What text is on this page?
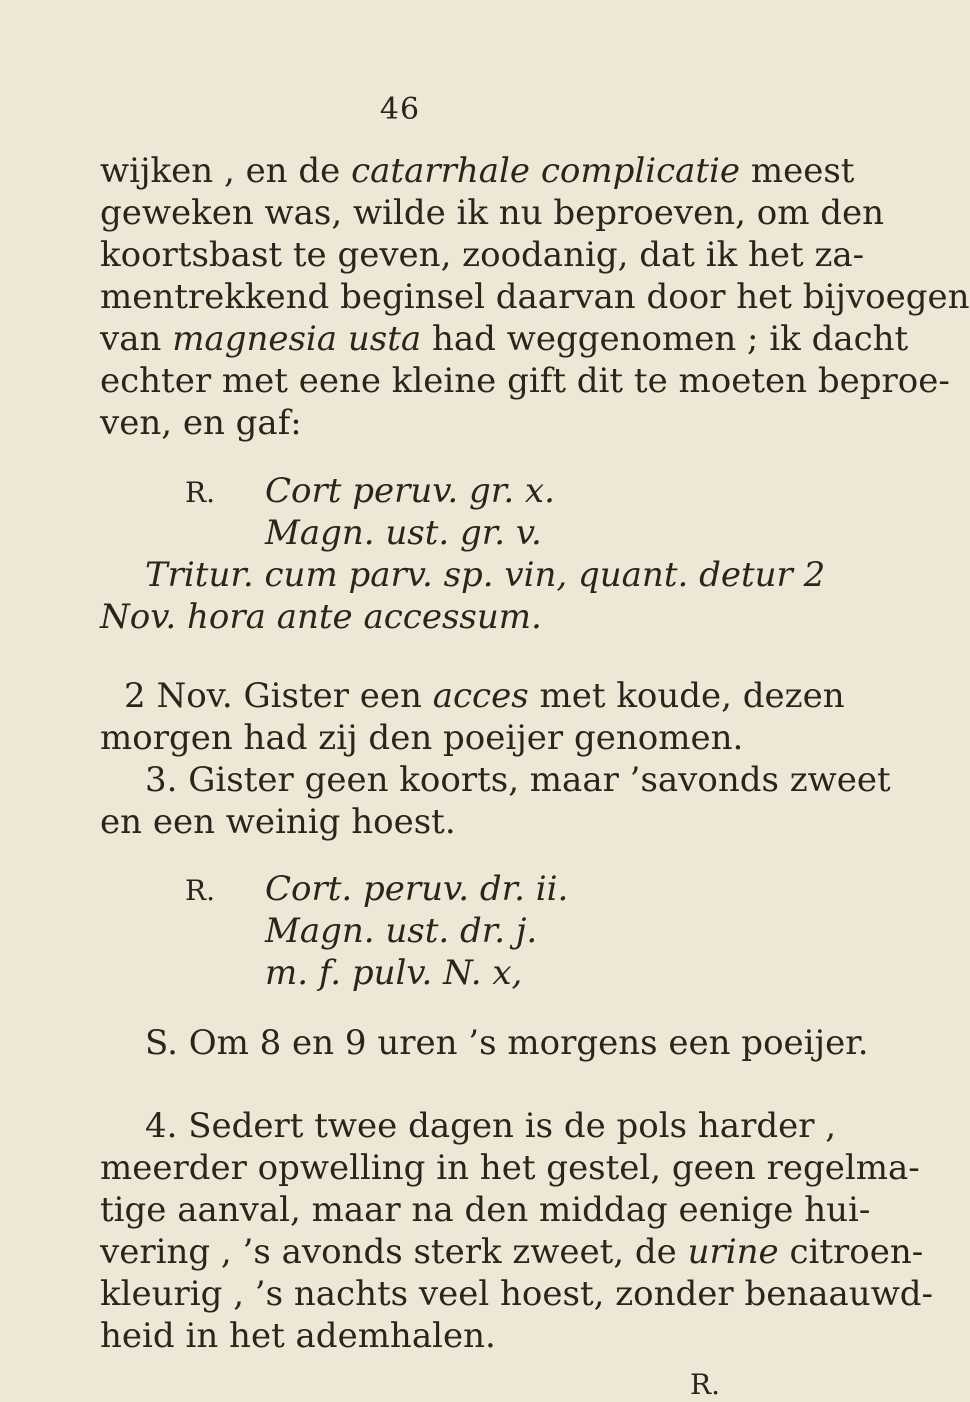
46
wijken , en de catarrhale complicatie meest
geweken was, wilde ik nu beproeven, om den
koortsbast te geven, zoodanig, dat ik het za-
mentrekkend beginsel daarvan door het bijvoegen
van magnesia usta had weggenomen ; ik dacht
echter met eene kleine gift dit te moeten beproe-
ven, en gaf:
R. Cort peruv. gr. x.
Magn. ust. gr. v.
Tritur. cum parv. sp. vin, quant. detur 2
Nov. hora ante accessum.
2 Nov. Gister een acces met koude, dezen
morgen had zij den poeijer genomen.
3. Gister geen koorts, maar ’savonds zweet
en een weinig hoest.
R. Cort. peruv. dr. ii.
Magn. ust. dr. j.
m. f. pulv. N. x,
S. Om 8 en 9 uren ’s morgens een poeijer.
4. Sedert twee dagen is de pols harder ,
meerder opwelling in het gestel, geen regelma-
tige aanval, maar na den middag eenige hui-
vering , ’s avonds sterk zweet, de urine citroen-
kleurig , ’s nachts veel hoest, zonder benaauwd-
heid in het ademhalen.
R.
